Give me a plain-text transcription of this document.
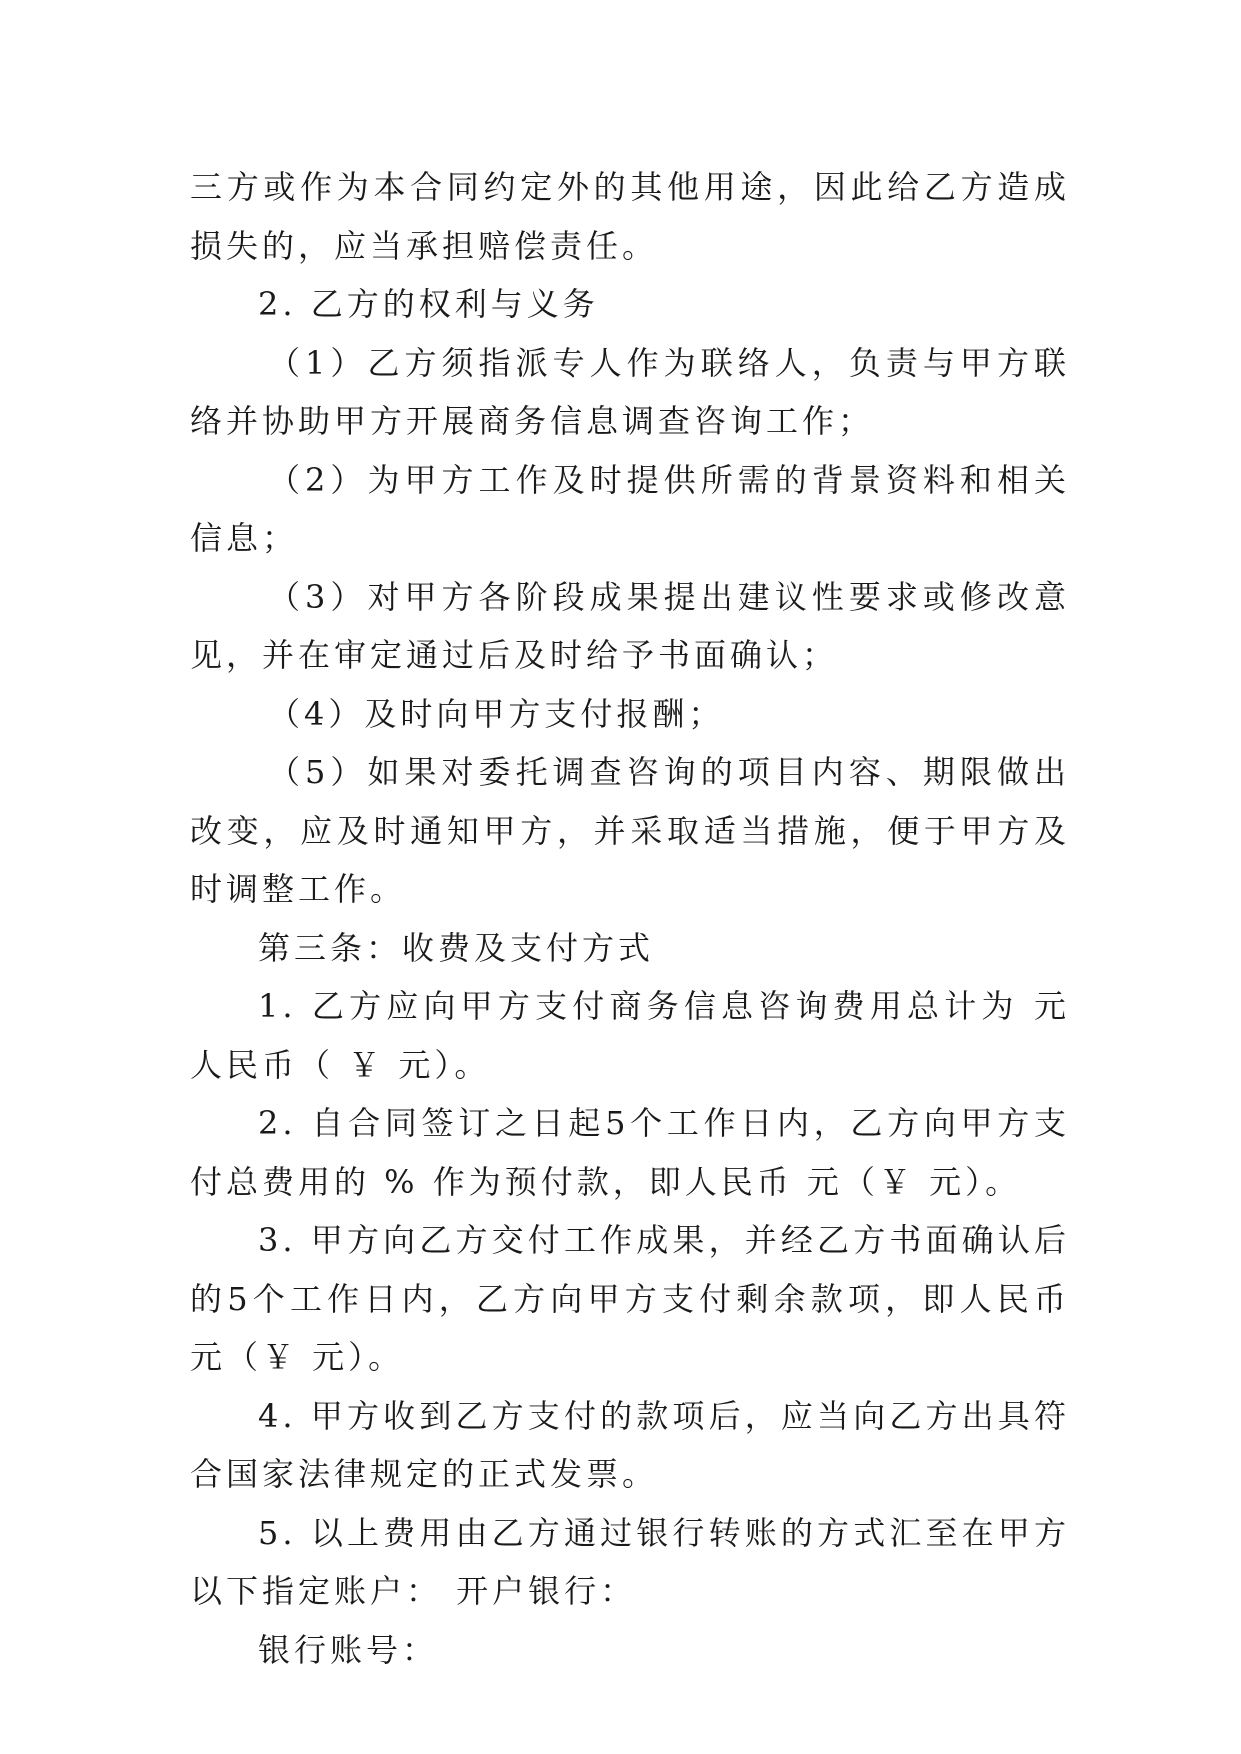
三方或作为本合同约定外的其他用途，因此给乙方造成损失的，应当承担赔偿责任。

2. 乙方的权利与义务

（1）乙方须指派专人作为联络人，负责与甲方联络并协助甲方开展商务信息调查咨询工作；

（2）为甲方工作及时提供所需的背景资料和相关信息；

（3）对甲方各阶段成果提出建议性要求或修改意见，并在审定通过后及时给予书面确认；

（4）及时向甲方支付报酬；

（5）如果对委托调查咨询的项目内容、期限做出改变，应及时通知甲方，并采取适当措施，便于甲方及时调整工作。

第三条：收费及支付方式

1. 乙方应向甲方支付商务信息咨询费用总计为 元人民币（ ￥ 元）。

2. 自合同签订之日起5个工作日内，乙方向甲方支付总费用的 % 作为预付款，即人民币 元（￥ 元）。

3. 甲方向乙方交付工作成果，并经乙方书面确认后的5个工作日内，乙方向甲方支付剩余款项，即人民币 元（￥ 元）。

4. 甲方收到乙方支付的款项后，应当向乙方出具符合国家法律规定的正式发票。

5. 以上费用由乙方通过银行转账的方式汇至在甲方以下指定账户： 开户银行：

银行账号：
